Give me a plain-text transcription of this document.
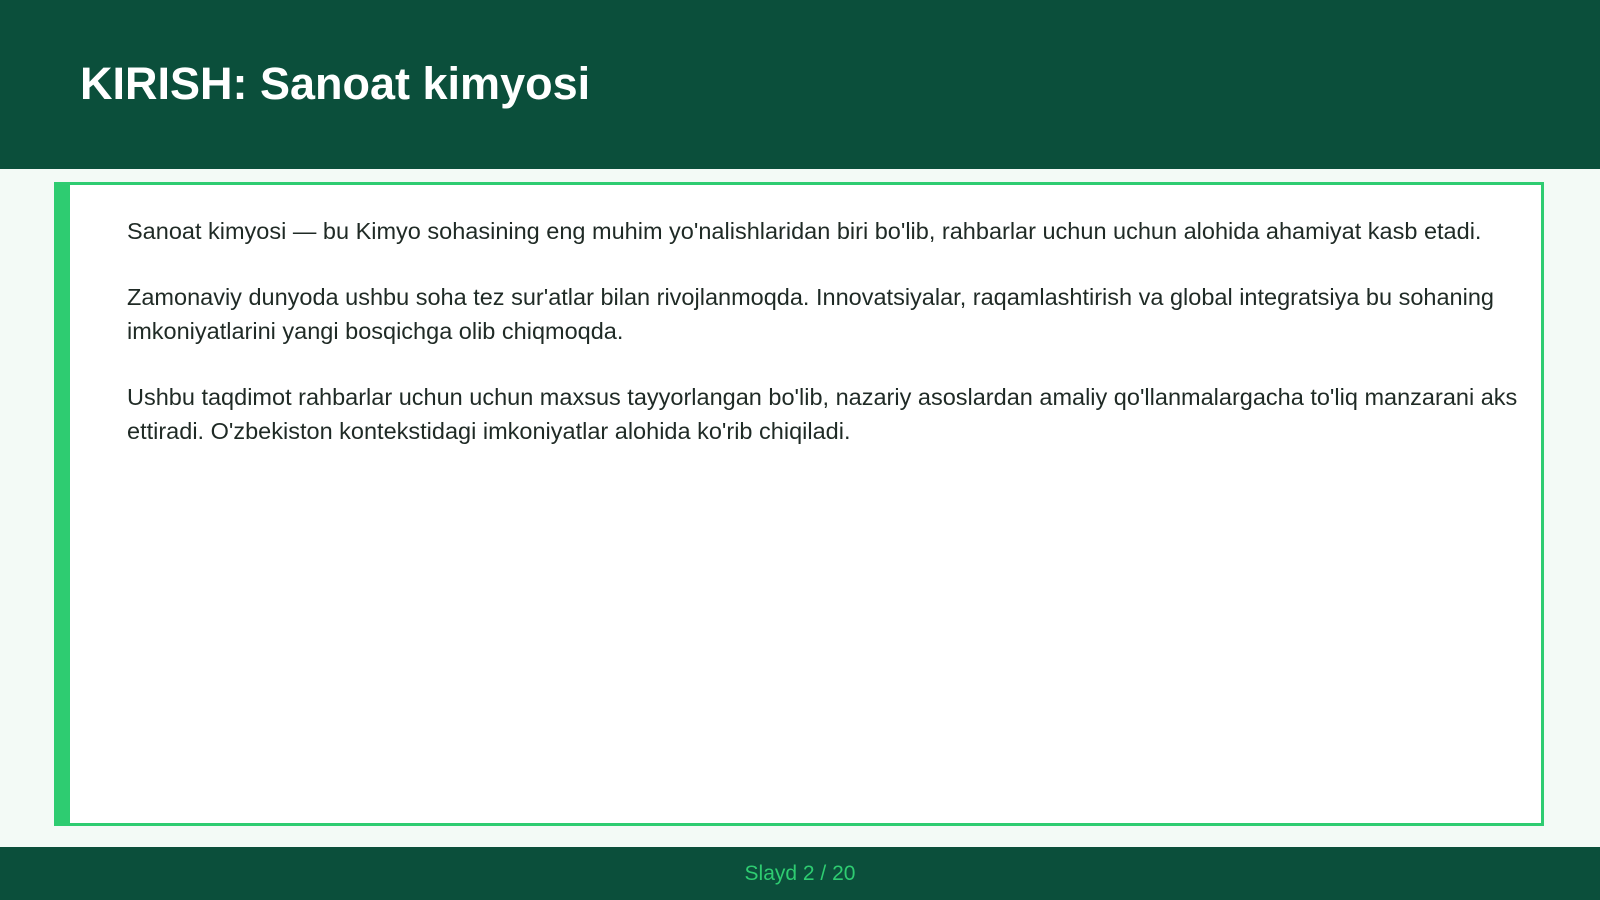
KIRISH: Sanoat kimyosi

Sanoat kimyosi — bu Kimyo sohasining eng muhim yo'nalishlaridan biri bo'lib, rahbarlar uchun uchun alohida ahamiyat kasb etadi.

Zamonaviy dunyoda ushbu soha tez sur'atlar bilan rivojlanmoqda. Innovatsiyalar, raqamlashtirish va global integratsiya bu sohaning imkoniyatlarini yangi bosqichga olib chiqmoqda.

Ushbu taqdimot rahbarlar uchun uchun maxsus tayyorlangan bo'lib, nazariy asoslardan amaliy qo'llanmalargacha to'liq manzarani aks ettiradi. O'zbekiston kontekstidagi imkoniyatlar alohida ko'rib chiqiladi.

Slayd 2 / 20
